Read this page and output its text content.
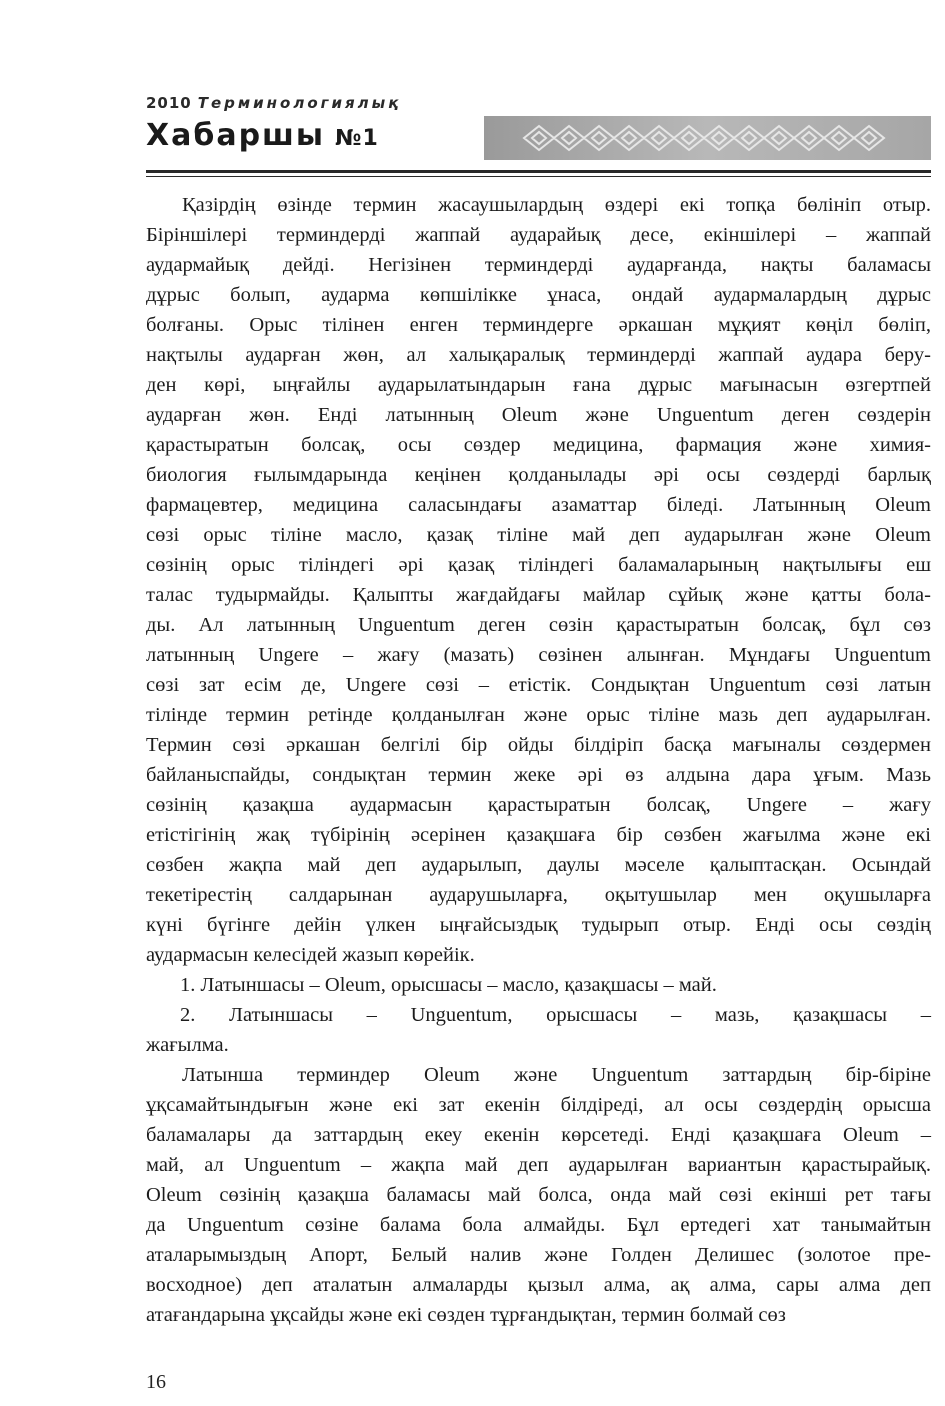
2010 Терминологиялық
Хабаршы №1
Қазірдің өзінде термин жасаушылардың өздері екі топқа бөлініп отыр.
Біріншілері терминдерді жаппай аударайық десе, екіншілері – жаппай
аудармайық дейді. Негізінен терминдерді аударғанда, нақты баламасы
дұрыс болып, аударма көпшілікке ұнаса, ондай аудармалардың дұрыс
болғаны. Орыс тілінен енген терминдерге әркашан мұқият көңіл бөліп,
нақтылы аударған жөн, ал халықаралық терминдерді жаппай аудара беру-
ден көрі, ыңғайлы аударылатындарын ғана дұрыс мағынасын өзгертпей
аударған жөн. Енді латынның Oleum және Unguentum деген сөздерін
қарастыратын болсақ, осы сөздер медицина, фармация және химия-
биология ғылымдарында кеңінен қолданылады әрі осы сөздерді барлық
фармацевтер, медицина саласындағы азаматтар біледі. Латынның Oleum
сөзі орыс тіліне масло, қазақ тіліне май деп аударылған және Oleum
сөзінің орыс тіліндегі әрі қазақ тіліндегі баламаларының нақтылығы еш
талас тудырмайды. Қалыпты жағдайдағы майлар сұйық және қатты бола-
ды. Ал латынның Unguentum деген сөзін қарастыратын болсақ, бұл сөз
латынның Ungere – жағу (мазать) сөзінен алынған. Мұндағы Unguentum
сөзі зат есім де, Ungere сөзі – етістік. Сондықтан Unguentum сөзі латын
тілінде термин ретінде қолданылған және орыс тіліне мазь деп аударылған.
Термин сөзі әркашан белгілі бір ойды білдіріп басқа мағыналы сөздермен
байланыспайды, сондықтан термин жеке әрі өз алдына дара ұғым. Мазь
сөзінің қазақша аудармасын қарастыратын болсақ, Ungere – жағу
етістігінің жақ түбірінің әсерінен қазақшаға бір сөзбен жағылма және екі
сөзбен жақпа май деп аударылып, даулы мәселе қалыптасқан. Осындай
текетірестің салдарынан аударушыларға, оқытушылар мен оқушыларға
күні бүгінге дейін үлкен ыңғайсыздық тудырып отыр. Енді осы сөздің
аудармасын келесідей жазып көрейік.
1. Латыншасы – Oleum, орысшасы – масло, қазақшасы – май.
2. Латыншасы – Unguentum, орысшасы – мазь, қазақшасы –
жағылма.
Латынша терминдер Oleum және Unguentum заттардың бір-біріне
ұқсамайтындығын және екі зат екенін білдіреді, ал осы сөздердің орысша
баламалары да заттардың екеу екенін көрсетеді. Енді қазақшаға Oleum –
май, ал Unguentum – жақпа май деп аударылған вариантын қарастырайық.
Oleum сөзінің қазақша баламасы май болса, онда май сөзі екінші рет тағы
да Unguentum сөзіне балама бола алмайды. Бұл ертедегі хат танымайтын
аталарымыздың Апорт, Белый налив және Голден Делишес (золотое пре-
восходное) деп аталатын алмаларды қызыл алма, ақ алма, сары алма деп
атағандарына ұқсайды және екі сөзден тұрғандықтан, термин болмай сөз
16
